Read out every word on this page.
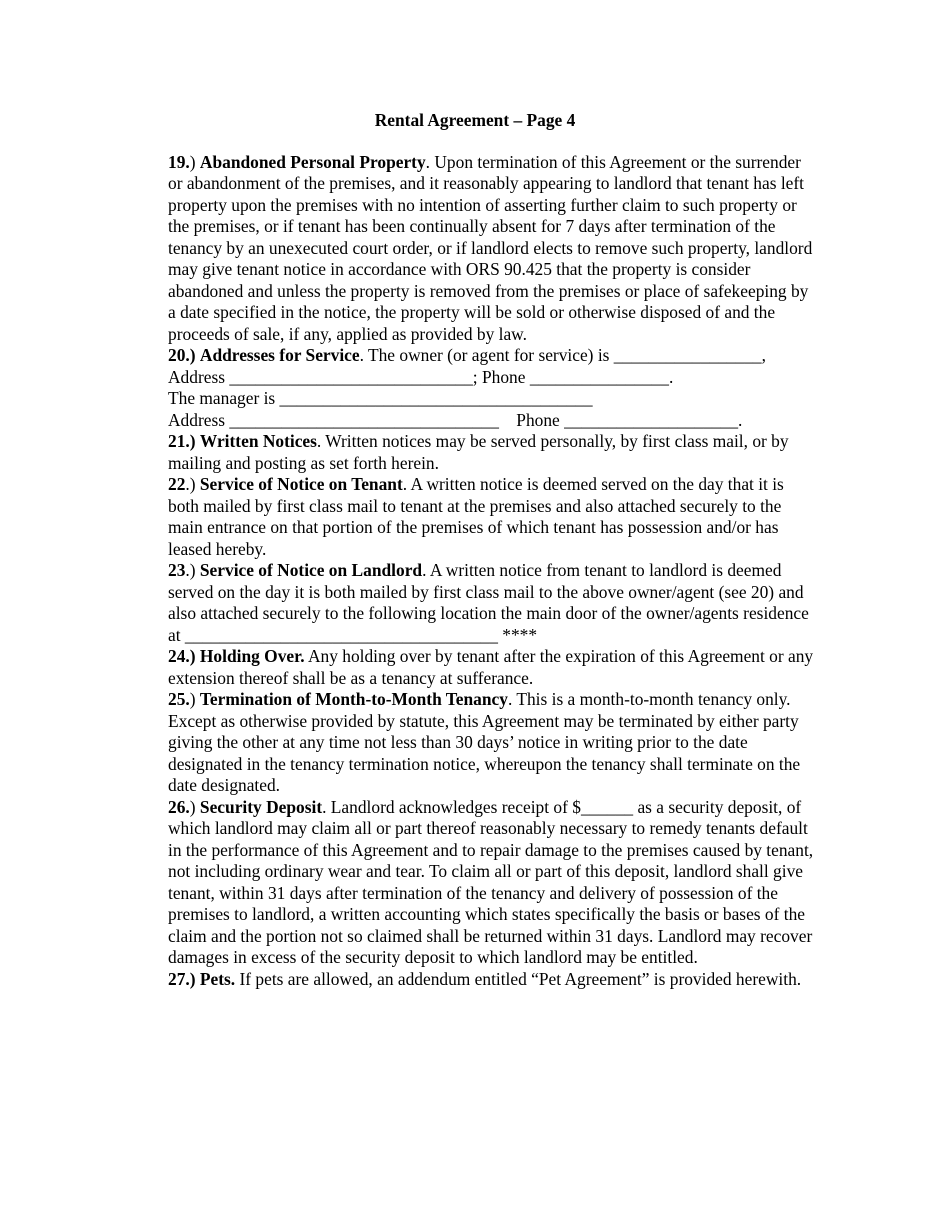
Rental Agreement – Page 4

19.) Abandoned Personal Property. Upon termination of this Agreement or the surrender or abandonment of the premises, and it reasonably appearing to landlord that tenant has left property upon the premises with no intention of asserting further claim to such property or the premises, or if tenant has been continually absent for 7 days after termination of the tenancy by an unexecuted court order, or if landlord elects to remove such property, landlord may give tenant notice in accordance with ORS 90.425 that the property is consider abandoned and unless the property is removed from the premises or place of safekeeping by a date specified in the notice, the property will be sold or otherwise disposed of and the proceeds of sale, if any, applied as provided by law.

20.) Addresses for Service. The owner (or agent for service) is _________________,
Address ____________________________; Phone ________________.
The manager is ____________________________________
Address _______________________________ Phone ____________________.

21.) Written Notices. Written notices may be served personally, by first class mail, or by mailing and posting as set forth herein.

22.) Service of Notice on Tenant. A written notice is deemed served on the day that it is both mailed by first class mail to tenant at the premises and also attached securely to the main entrance on that portion of the premises of which tenant has possession and/or has leased hereby.

23.) Service of Notice on Landlord. A written notice from tenant to landlord is deemed served on the day it is both mailed by first class mail to the above owner/agent (see 20) and also attached securely to the following location the main door of the owner/agents residence at ____________________________________ ****

24.) Holding Over. Any holding over by tenant after the expiration of this Agreement or any extension thereof shall be as a tenancy at sufferance.

25.) Termination of Month-to-Month Tenancy. This is a month-to-month tenancy only. Except as otherwise provided by statute, this Agreement may be terminated by either party giving the other at any time not less than 30 days’ notice in writing prior to the date designated in the tenancy termination notice, whereupon the tenancy shall terminate on the date designated.

26.) Security Deposit. Landlord acknowledges receipt of $______ as a security deposit, of which landlord may claim all or part thereof reasonably necessary to remedy tenants default in the performance of this Agreement and to repair damage to the premises caused by tenant, not including ordinary wear and tear. To claim all or part of this deposit, landlord shall give tenant, within 31 days after termination of the tenancy and delivery of possession of the premises to landlord, a written accounting which states specifically the basis or bases of the claim and the portion not so claimed shall be returned within 31 days. Landlord may recover damages in excess of the security deposit to which landlord may be entitled.

27.) Pets. If pets are allowed, an addendum entitled “Pet Agreement” is provided herewith.
